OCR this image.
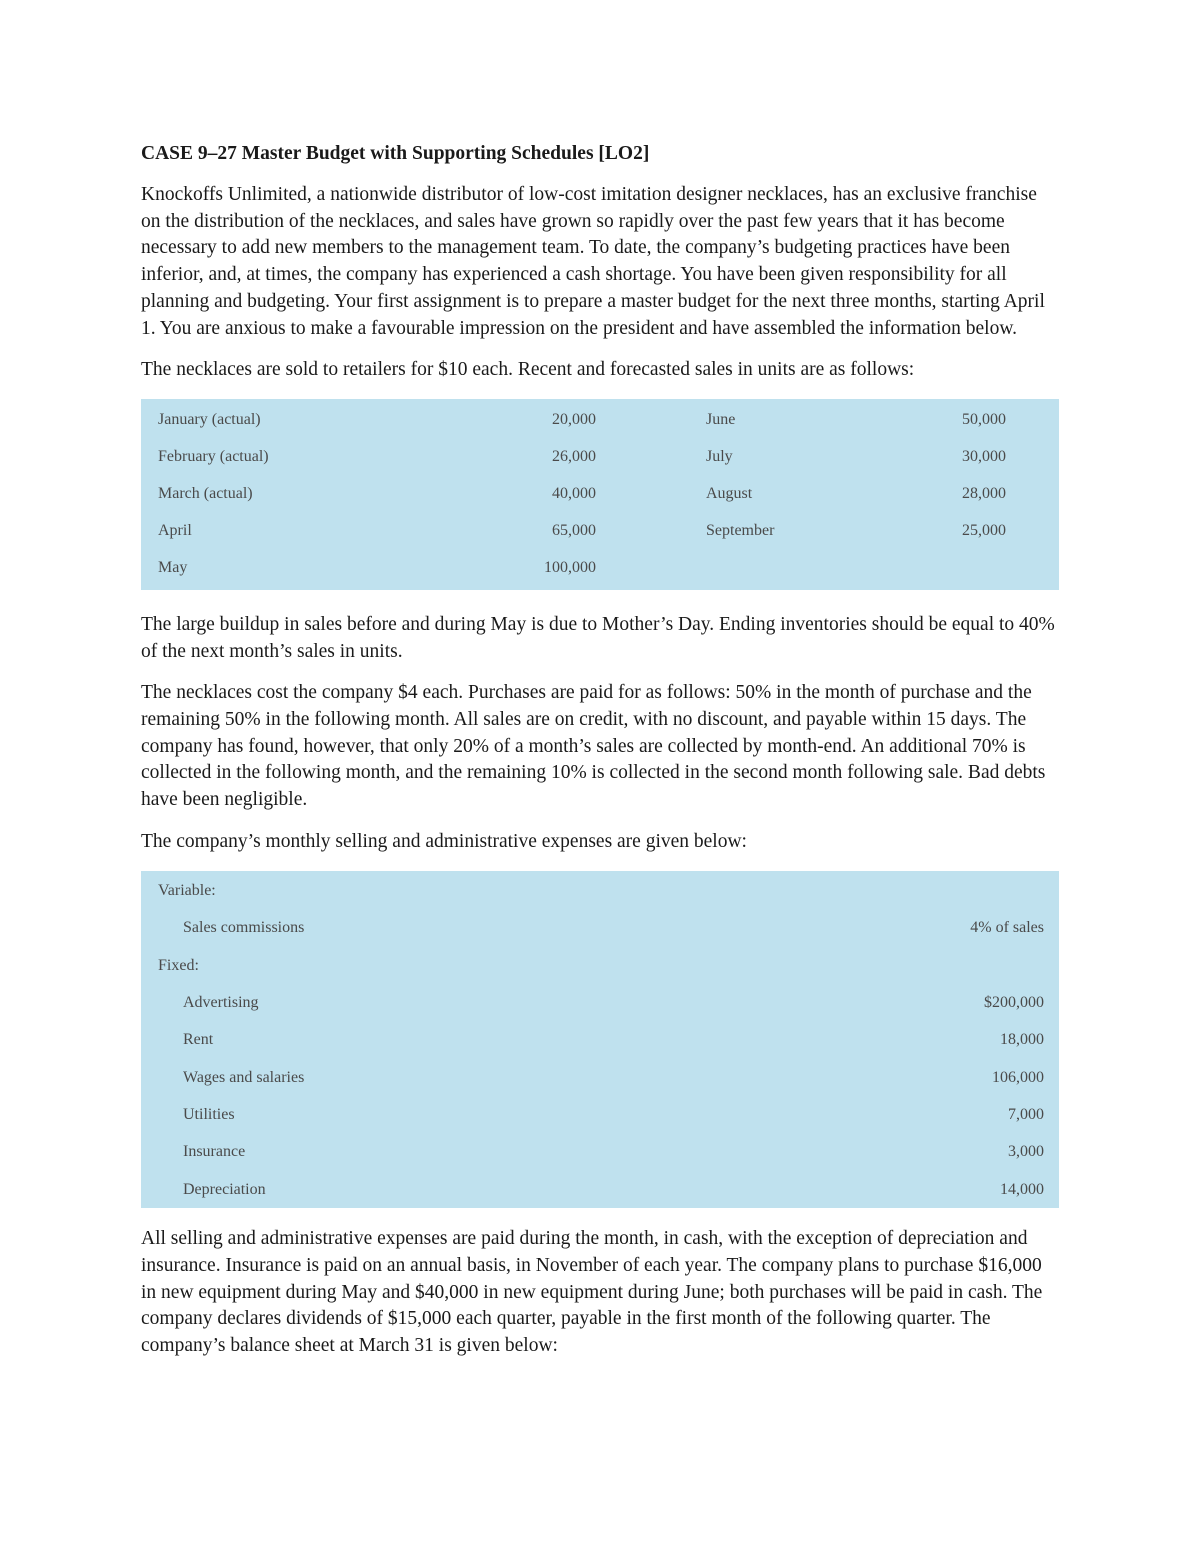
CASE 9–27 Master Budget with Supporting Schedules [LO2]

Knockoffs Unlimited, a nationwide distributor of low-cost imitation designer necklaces, has an exclusive franchise on the distribution of the necklaces, and sales have grown so rapidly over the past few years that it has become necessary to add new members to the management team. To date, the company’s budgeting practices have been inferior, and, at times, the company has experienced a cash shortage. You have been given responsibility for all planning and budgeting. Your first assignment is to prepare a master budget for the next three months, starting April 1. You are anxious to make a favourable impression on the president and have assembled the information below.

The necklaces are sold to retailers for $10 each. Recent and forecasted sales in units are as follows:

January (actual)	20,000	June	50,000
February (actual)	26,000	July	30,000
March (actual)	40,000	August	28,000
April	65,000	September	25,000
May	100,000

The large buildup in sales before and during May is due to Mother’s Day. Ending inventories should be equal to 40% of the next month’s sales in units.

The necklaces cost the company $4 each. Purchases are paid for as follows: 50% in the month of purchase and the remaining 50% in the following month. All sales are on credit, with no discount, and payable within 15 days. The company has found, however, that only 20% of a month’s sales are collected by month-end. An additional 70% is collected in the following month, and the remaining 10% is collected in the second month following sale. Bad debts have been negligible.

The company’s monthly selling and administrative expenses are given below:

Variable:
Sales commissions	4% of sales
Fixed:
Advertising	$200,000
Rent	18,000
Wages and salaries	106,000
Utilities	7,000
Insurance	3,000
Depreciation	14,000

All selling and administrative expenses are paid during the month, in cash, with the exception of depreciation and insurance. Insurance is paid on an annual basis, in November of each year. The company plans to purchase $16,000 in new equipment during May and $40,000 in new equipment during June; both purchases will be paid in cash. The company declares dividends of $15,000 each quarter, payable in the first month of the following quarter. The company’s balance sheet at March 31 is given below:
